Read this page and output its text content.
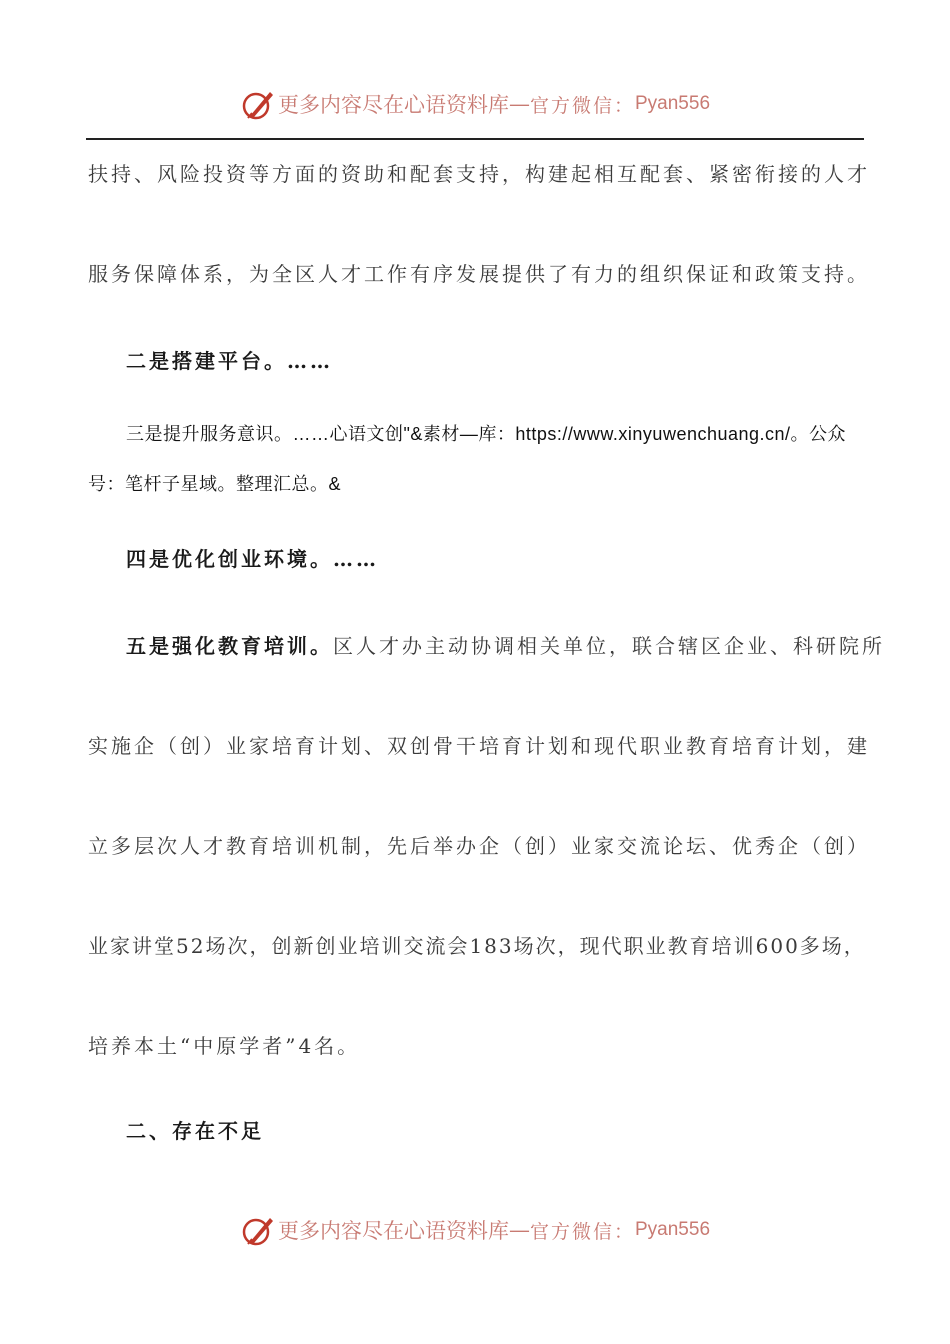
更多内容尽在心语资料库 — 官方微信： Pyan556
扶持、风险投资等方面的资助和配套支持，构建起相互配套、紧密衔接的人才
服务保障体系，为全区人才工作有序发展提供了有力的组织保证和政策支持。
二是搭建平台。……
三是提升服务意识。……心语文创"&素材—库：https://www.xinyuwenchuang.cn/。公众
号：笔杆子星域。整理汇总。&
四是优化创业环境。……
五是强化教育培训。区人才办主动协调相关单位，联合辖区企业、科研院所
实施企（创）业家培育计划、双创骨干培育计划和现代职业教育培育计划，建
立多层次人才教育培训机制，先后举办企（创）业家交流论坛、优秀企（创）
业家讲堂52场次，创新创业培训交流会183场次，现代职业教育培训600多场，
培养本土“中原学者”4名。
二、存在不足
更多内容尽在心语资料库 — 官方微信： Pyan556
